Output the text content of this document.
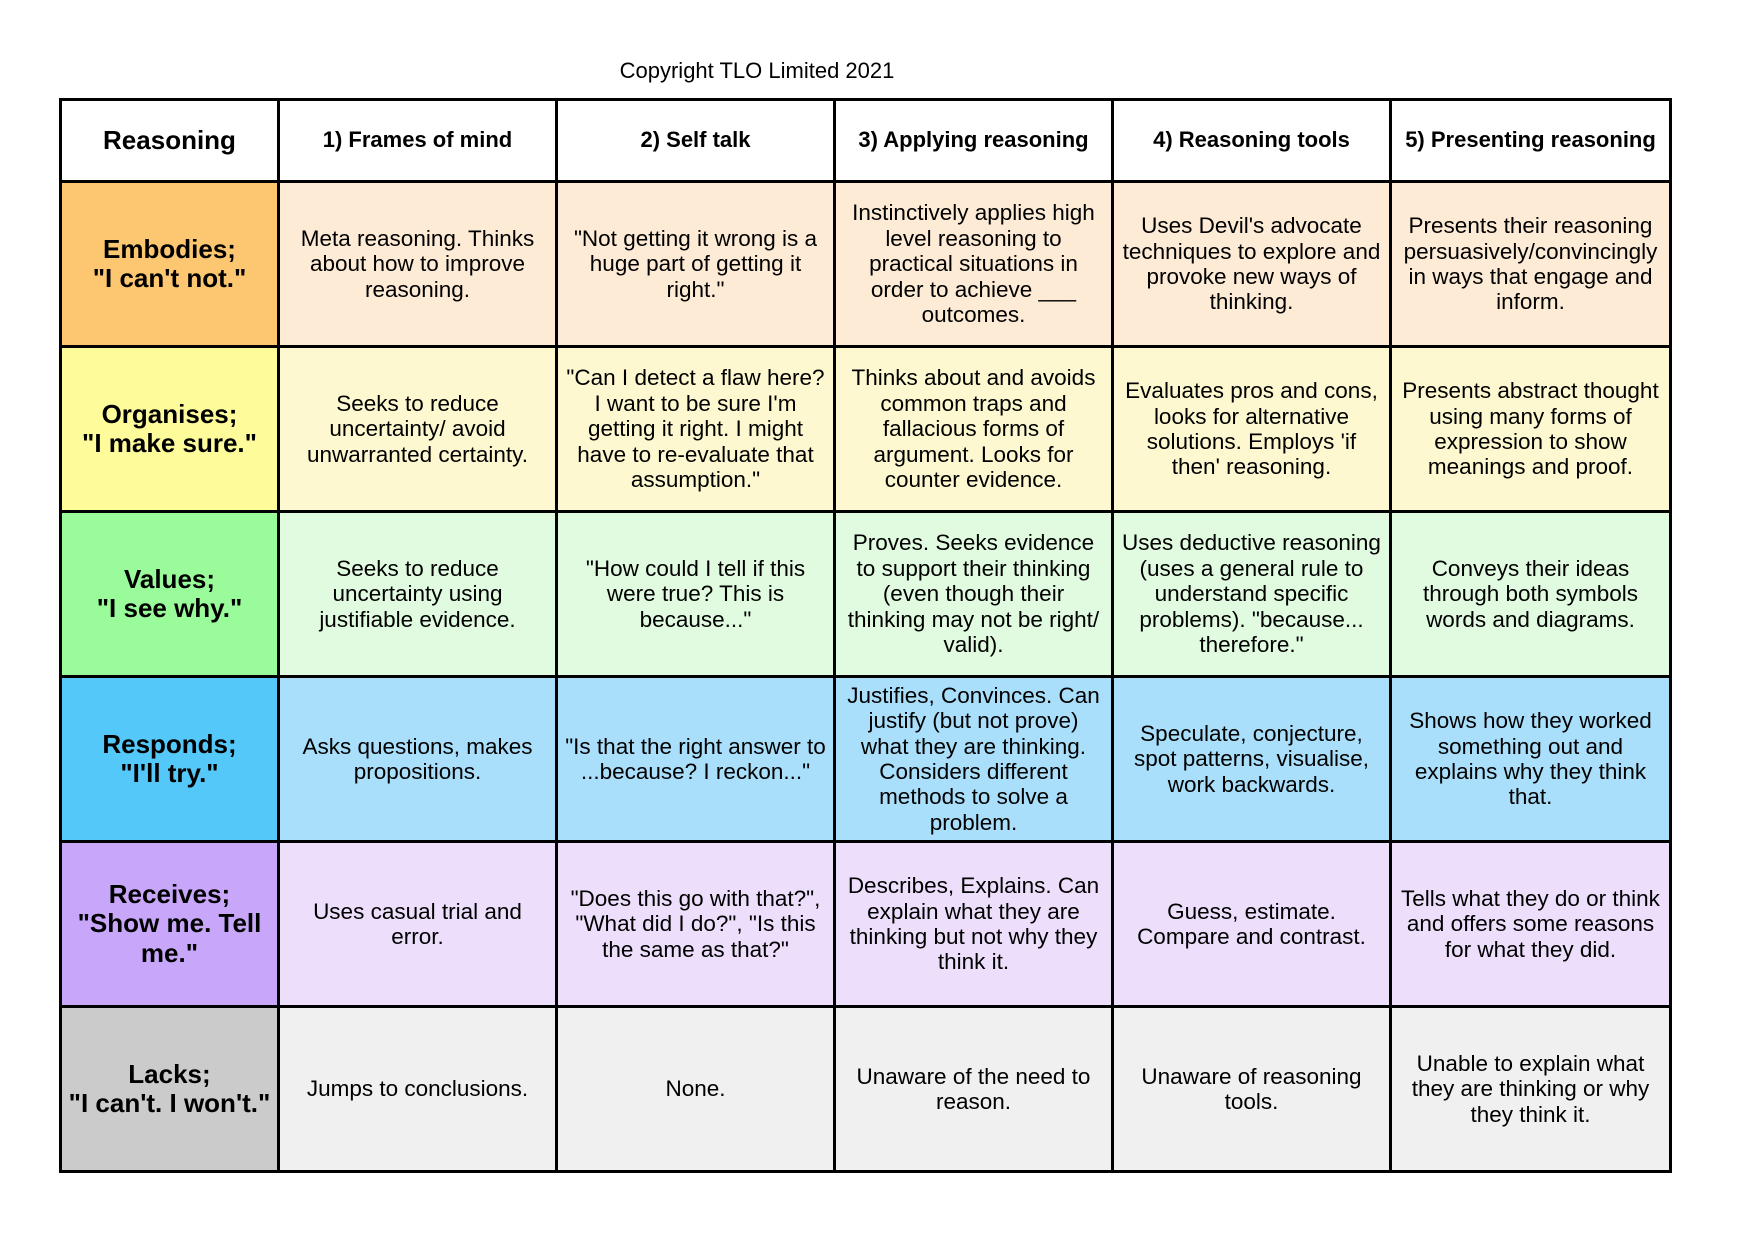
Copyright TLO Limited 2021
Reasoning	1) Frames of mind	2) Self talk	3) Applying reasoning	4) Reasoning tools	5) Presenting reasoning

Embodies;
"I can't not."	Meta reasoning. Thinks about how to improve reasoning.	"Not getting it wrong is a huge part of getting it right."	Instinctively applies high level reasoning to practical situations in order to achieve ___ outcomes.	Uses Devil's advocate techniques to explore and provoke new ways of thinking.	Presents their reasoning persuasively/convincingly in ways that engage and inform.

Organises;
"I make sure."	Seeks to reduce uncertainty/ avoid unwarranted certainty.	"Can I detect a flaw here? I want to be sure I'm getting it right. I might have to re-evaluate that assumption."	Thinks about and avoids common traps and fallacious forms of argument. Looks for counter evidence.	Evaluates pros and cons, looks for alternative solutions. Employs 'if then' reasoning.	Presents abstract thought using many forms of expression to show meanings and proof.

Values;
"I see why."	Seeks to reduce uncertainty using justifiable evidence.	"How could I tell if this were true? This is because..."	Proves. Seeks evidence to support their thinking (even though their thinking may not be right/ valid).	Uses deductive reasoning (uses a general rule to understand specific problems). "because... therefore."	Conveys their ideas through both symbols words and diagrams.

Responds;
"I'll try."	Asks questions, makes propositions.	"Is that the right answer to ...because? I reckon..."	Justifies, Convinces. Can justify (but not prove) what they are thinking. Considers different methods to solve a problem.	Speculate, conjecture, spot patterns, visualise, work backwards.	Shows how they worked something out and explains why they think that.

Receives;
"Show me. Tell me."	Uses casual trial and error.	"Does this go with that?", "What did I do?", "Is this the same as that?"	Describes, Explains. Can explain what they are thinking but not why they think it.	Guess, estimate. Compare and contrast.	Tells what they do or think and offers some reasons for what they did.

Lacks;
"I can't. I won't."	Jumps to conclusions.	None.	Unaware of the need to reason.	Unaware of reasoning tools.	Unable to explain what they are thinking or why they think it.
